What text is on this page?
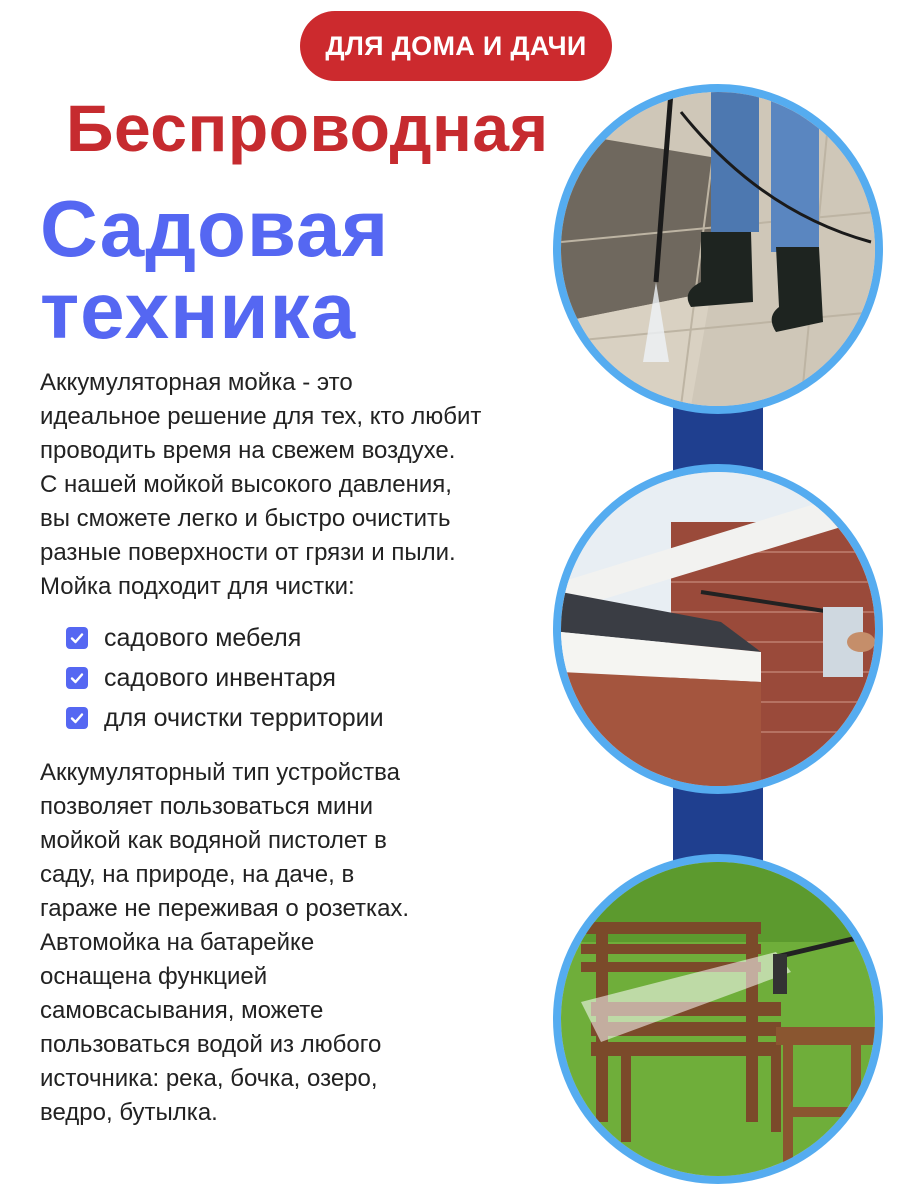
ДЛЯ ДОМА И ДАЧИ
Беспроводная
Садовая
техника

Аккумуляторная мойка - это
идеальное решение для тех, кто любит
проводить время на свежем воздухе.
С нашей мойкой высокого давления,
вы сможете легко и быстро очистить
разные поверхности от грязи и пыли.
Мойка подходит для чистки:

садового мебеля
садового инвентаря
для очистки территории

Аккумуляторный тип устройства
позволяет пользоваться мини
мойкой как водяной пистолет в
саду, на природе, на даче, в
гараже не переживая о розетках.
Автомойка на батарейке
оснащена функцией
самовсасывания, можете
пользоваться водой из любого
источника: река, бочка, озеро,
ведро, бутылка.
